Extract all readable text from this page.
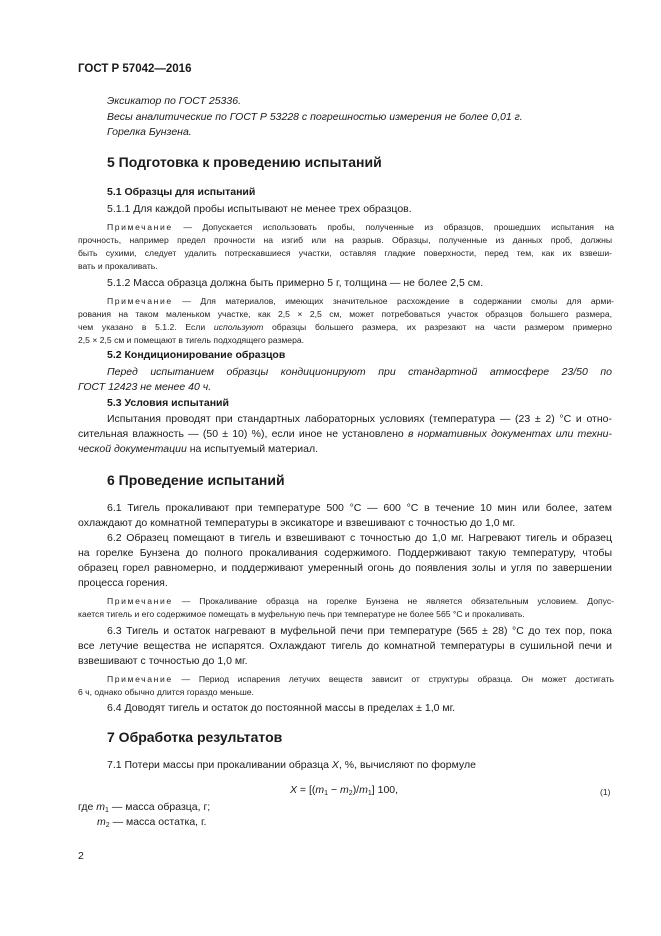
ГОСТ Р 57042—2016
Эксикатор по ГОСТ 25336.
Весы аналитические по ГОСТ Р 53228 с погрешностью измерения не более 0,01 г.
Горелка Бунзена.
5 Подготовка к проведению испытаний
5.1 Образцы для испытаний
5.1.1 Для каждой пробы испытывают не менее трех образцов.
Примечание — Допускается использовать пробы, полученные из образцов, прошедших испытания на
прочность, например предел прочности на изгиб или на разрыв. Образцы, полученные из данных проб, должны
быть сухими, следует удалить потрескавшиеся участки, оставляя гладкие поверхности, перед тем, как их взвеши-
вать и прокаливать.
5.1.2 Масса образца должна быть примерно 5 г, толщина — не более 2,5 см.
Примечание — Для материалов, имеющих значительное расхождение в содержании смолы для арми-
рования на таком маленьком участке, как 2,5 × 2,5 см, может потребоваться участок образцов большего размера,
чем указано в 5.1.2. Если используют образцы большего размера, их разрезают на части размером примерно
2,5 × 2,5 см и помещают в тигель подходящего размера.
5.2 Кондиционирование образцов
Перед испытанием образцы кондиционируют при стандартной атмосфере 23/50 по
ГОСТ 12423 не менее 40 ч.
5.3 Условия испытаний
Испытания проводят при стандартных лабораторных условиях (температура — (23 ± 2) °С и отно-
сительная влажность — (50 ± 10) %), если иное не установлено в нормативных документах или техни-
ческой документации на испытуемый материал.
6 Проведение испытаний
6.1 Тигель прокаливают при температуре 500 °С — 600 °С в течение 10 мин или более, затем
охлаждают до комнатной температуры в эксикаторе и взвешивают с точностью до 1,0 мг.
6.2 Образец помещают в тигель и взвешивают с точностью до 1,0 мг. Нагревают тигель и образец
на горелке Бунзена до полного прокаливания содержимого. Поддерживают такую температуру, чтобы
образец горел равномерно, и поддерживают умеренный огонь до появления золы и угля по завершении
процесса горения.
Примечание — Прокаливание образца на горелке Бунзена не является обязательным условием. Допус-
кается тигель и его содержимое помещать в муфельную печь при температуре не более 565 °С и прокаливать.
6.3 Тигель и остаток нагревают в муфельной печи при температуре (565 ± 28) °С до тех пор, пока
все летучие вещества не испарятся. Охлаждают тигель до комнатной температуры в сушильной печи и
взвешивают с точностью до 1,0 мг.
Примечание — Период испарения летучих веществ зависит от структуры образца. Он может достигать
6 ч, однако обычно длится гораздо меньше.
6.4 Доводят тигель и остаток до постоянной массы в пределах ± 1,0 мг.
7 Обработка результатов
7.1 Потери массы при прокаливании образца X, %, вычисляют по формуле
$X = [(m_1 - m_2)/m_1]$ 100,	(1)
где $m_1$ — масса образца, г;
$m_2$ — масса остатка, г.
2
